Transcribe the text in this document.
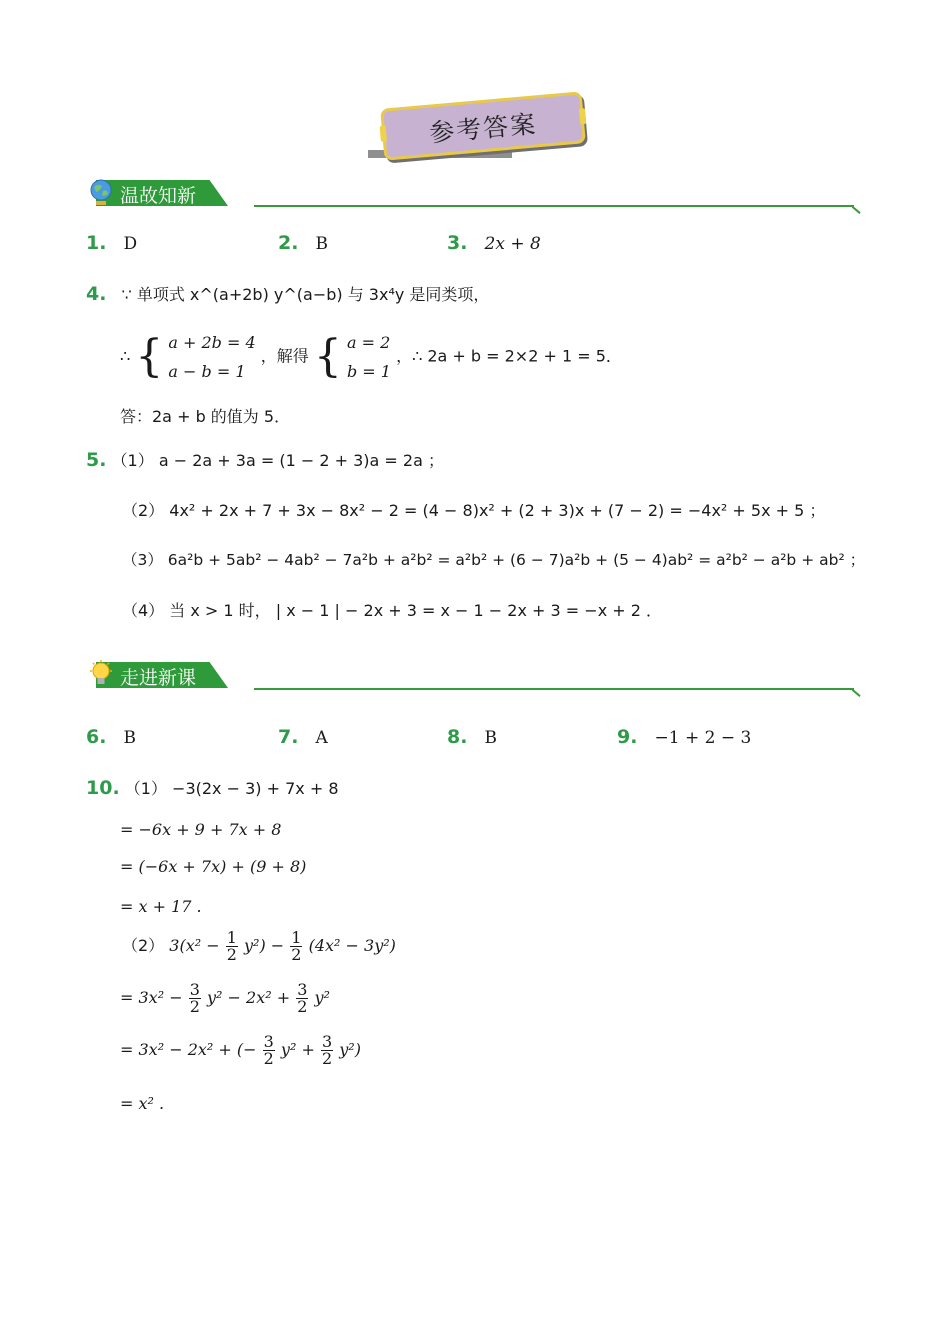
参考答案
温故知新
1. D	2. B	3. 2x + 8
4. ∵ 单项式 x^(a+2b) y^(a−b) 与 3x⁴y 是同类项，
∴ { a + 2b = 4
a − b = 1
，解得 { a = 2
b = 1
，∴ 2a + b = 2×2 + 1 = 5．
答：2a + b 的值为 5．
5. （1） a − 2a + 3a = (1 − 2 + 3)a = 2a ；
（2） 4x² + 2x + 7 + 3x − 8x² − 2 = (4 − 8)x² + (2 + 3)x + (7 − 2) = −4x² + 5x + 5 ；
（3） 6a²b + 5ab² − 4ab² − 7a²b + a²b² = a²b² + (6 − 7)a²b + (5 − 4)ab² = a²b² − a²b + ab² ；
（4） 当 x > 1 时， | x − 1 | − 2x + 3 = x − 1 − 2x + 3 = −x + 2 ．
走进新课
6. B	7. A	8. B	9. −1 + 2 − 3
10. （1） −3(2x − 3) + 7x + 8
= −6x + 9 + 7x + 8
= (−6x + 7x) + (9 + 8)
= x + 17 .
（2） $3(x^2 - \frac{1}{2} y^2) - \frac{1}{2} (4x^2 - 3y^2)$
= $3x^2 - \frac{3}{2} y^2 - 2x^2 + \frac{3}{2} y^2$
= 3x² − 2x² + (− $\frac{3}{2} y^2 + \frac{3}{2} y^2$)
= x² .
